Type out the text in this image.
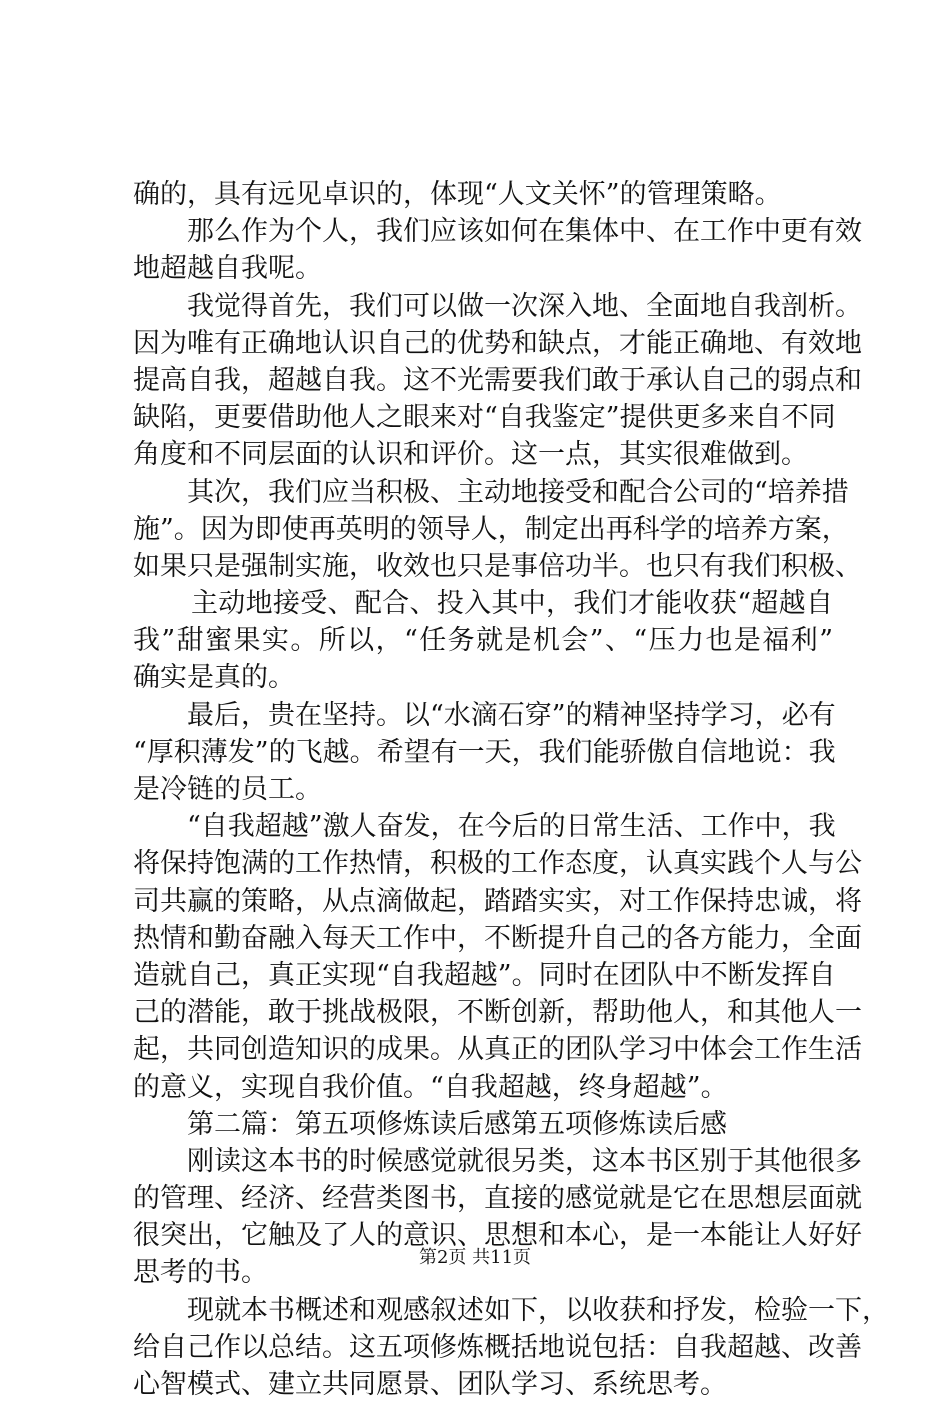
确的，具有远见卓识的，体现“人文关怀”的管理策略。
那么作为个人，我们应该如何在集体中、在工作中更有效
地超越自我呢。
我觉得首先，我们可以做一次深入地、全面地自我剖析。
因为唯有正确地认识自己的优势和缺点，才能正确地、有效地
提高自我，超越自我。这不光需要我们敢于承认自己的弱点和
缺陷，更要借助他人之眼来对“自我鉴定”提供更多来自不同
角度和不同层面的认识和评价。这一点，其实很难做到。
其次，我们应当积极、主动地接受和配合公司的“培养措
施”。因为即使再英明的领导人，制定出再科学的培养方案，
如果只是强制实施，收效也只是事倍功半。也只有我们积极、
主动地接受、配合、投入其中，我们才能收获“超越自
我”甜蜜果实。所以，“任务就是机会”、“压力也是福利”
确实是真的。
最后，贵在坚持。以“水滴石穿”的精神坚持学习，必有
“厚积薄发”的飞越。希望有一天，我们能骄傲自信地说：我
是冷链的员工。
“自我超越”激人奋发，在今后的日常生活、工作中，我
将保持饱满的工作热情，积极的工作态度，认真实践个人与公
司共赢的策略，从点滴做起，踏踏实实，对工作保持忠诚，将
热情和勤奋融入每天工作中，不断提升自己的各方能力，全面
造就自己，真正实现“自我超越”。同时在团队中不断发挥自
己的潜能，敢于挑战极限，不断创新，帮助他人，和其他人一
起，共同创造知识的成果。从真正的团队学习中体会工作生活
的意义，实现自我价值。“自我超越，终身超越”。
第二篇：第五项修炼读后感第五项修炼读后感
刚读这本书的时候感觉就很另类，这本书区别于其他很多
的管理、经济、经营类图书，直接的感觉就是它在思想层面就
很突出，它触及了人的意识、思想和本心，是一本能让人好好
思考的书。
现就本书概述和观感叙述如下，以收获和抒发，检验一下，
给自己作以总结。这五项修炼概括地说包括：自我超越、改善
心智模式、建立共同愿景、团队学习、系统思考。
第2页 共11页
